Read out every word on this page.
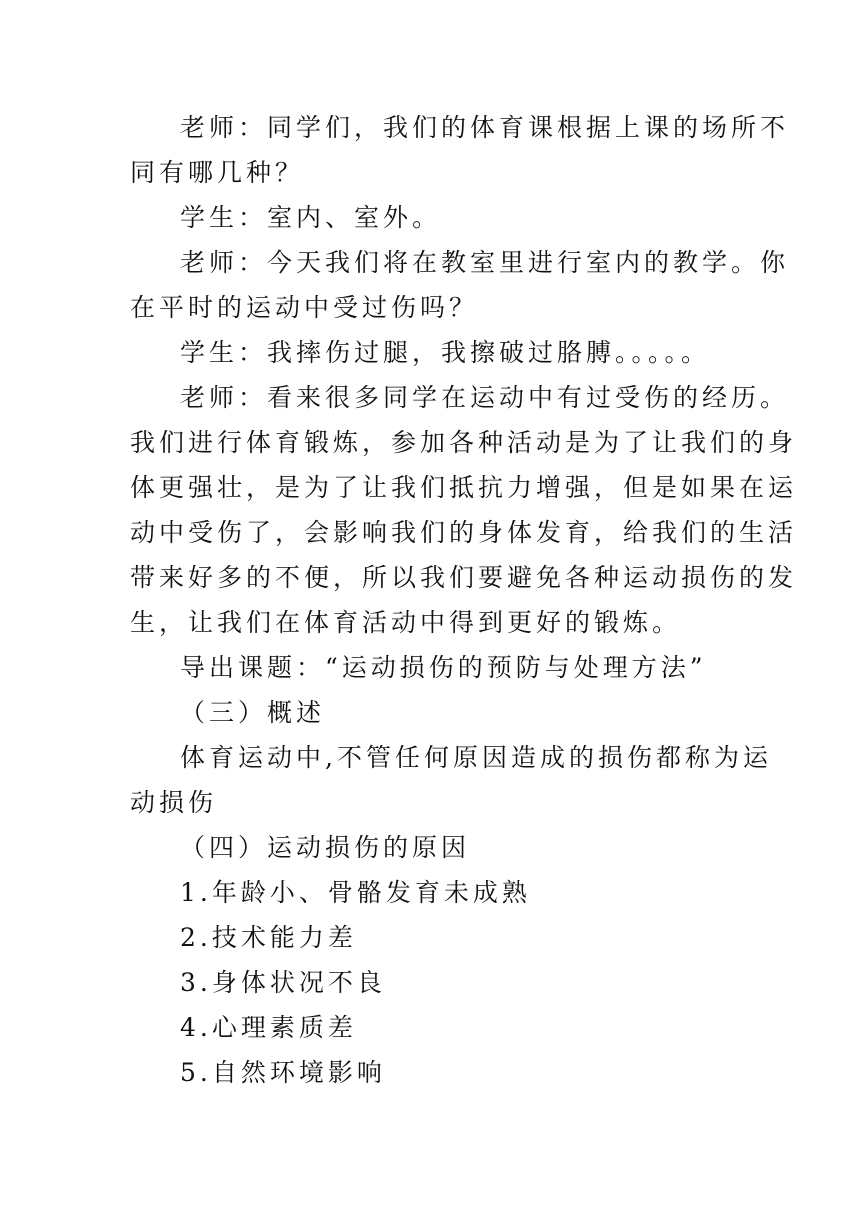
老师：同学们，我们的体育课根据上课的场所不

同有哪几种？

学生：室内、室外。

老师：今天我们将在教室里进行室内的教学。你

在平时的运动中受过伤吗？

学生：我摔伤过腿，我擦破过胳膊。。。。。

老师：看来很多同学在运动中有过受伤的经历。

我们进行体育锻炼，参加各种活动是为了让我们的身

体更强壮，是为了让我们抵抗力增强，但是如果在运

动中受伤了，会影响我们的身体发育，给我们的生活

带来好多的不便，所以我们要避免各种运动损伤的发

生，让我们在体育活动中得到更好的锻炼。

导出课题：“运动损伤的预防与处理方法”

（三）概述

体育运动中,不管任何原因造成的损伤都称为运

动损伤

（四）运动损伤的原因

1.年龄小、骨骼发育未成熟

2.技术能力差

3.身体状况不良

4.心理素质差

5.自然环境影响
